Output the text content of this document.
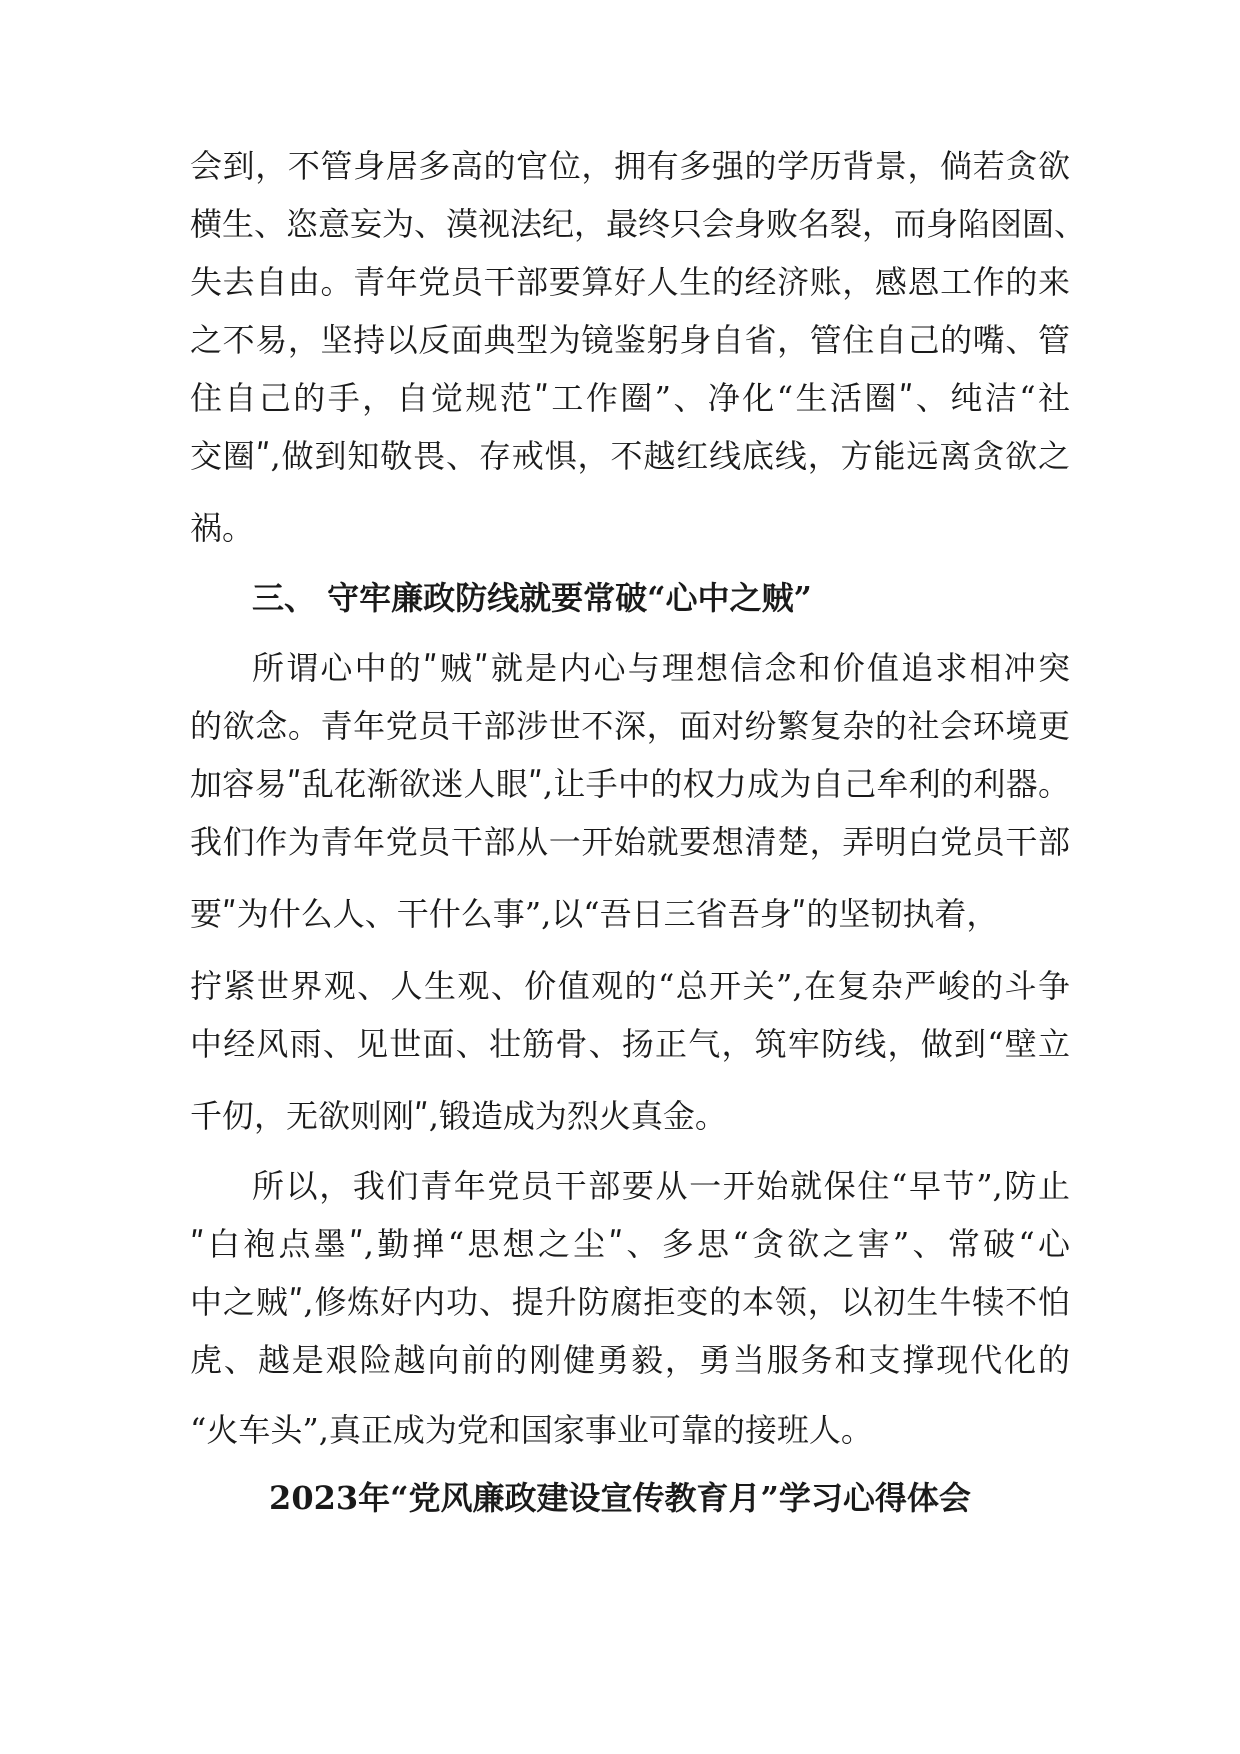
会到，不管身居多高的官位，拥有多强的学历背景，倘若贪欲
横生、恣意妄为、漠视法纪，最终只会身败名裂，而身陷囹圄、
失去自由。青年党员干部要算好人生的经济账，感恩工作的来
之不易，坚持以反面典型为镜鉴躬身自省，管住自己的嘴、管
住自己的手，自觉规范ʺ工作圈”、净化“生活圈ʺ、纯洁“社
交圈ʺ,做到知敬畏、存戒惧，不越红线底线，方能远离贪欲之
祸。
三、 守牢廉政防线就要常破“心中之贼”
所谓心中的ʺ贼ʺ就是内心与理想信念和价值追求相冲突
的欲念。青年党员干部涉世不深，面对纷繁复杂的社会环境更
加容易ʺ乱花渐欲迷人眼ʺ,让手中的权力成为自己牟利的利器。
我们作为青年党员干部从一开始就要想清楚，弄明白党员干部
要ʺ为什么人、干什么事”,以“吾日三省吾身ʺ的坚韧执着，
拧紧世界观、人生观、价值观的“总开关”,在复杂严峻的斗争
中经风雨、见世面、壮筋骨、扬正气，筑牢防线，做到“壁立
千仞，无欲则刚ʺ,锻造成为烈火真金。
所以，我们青年党员干部要从一开始就保住“早节”,防止
ʺ白袍点墨ʺ,勤掸“思想之尘ʺ、多思“贪欲之害”、常破“心
中之贼ʺ,修炼好内功、提升防腐拒变的本领，以初生牛犊不怕
虎、越是艰险越向前的刚健勇毅，勇当服务和支撑现代化的
“火车头”,真正成为党和国家事业可靠的接班人。
2023年“党风廉政建设宣传教育月”学习心得体会
